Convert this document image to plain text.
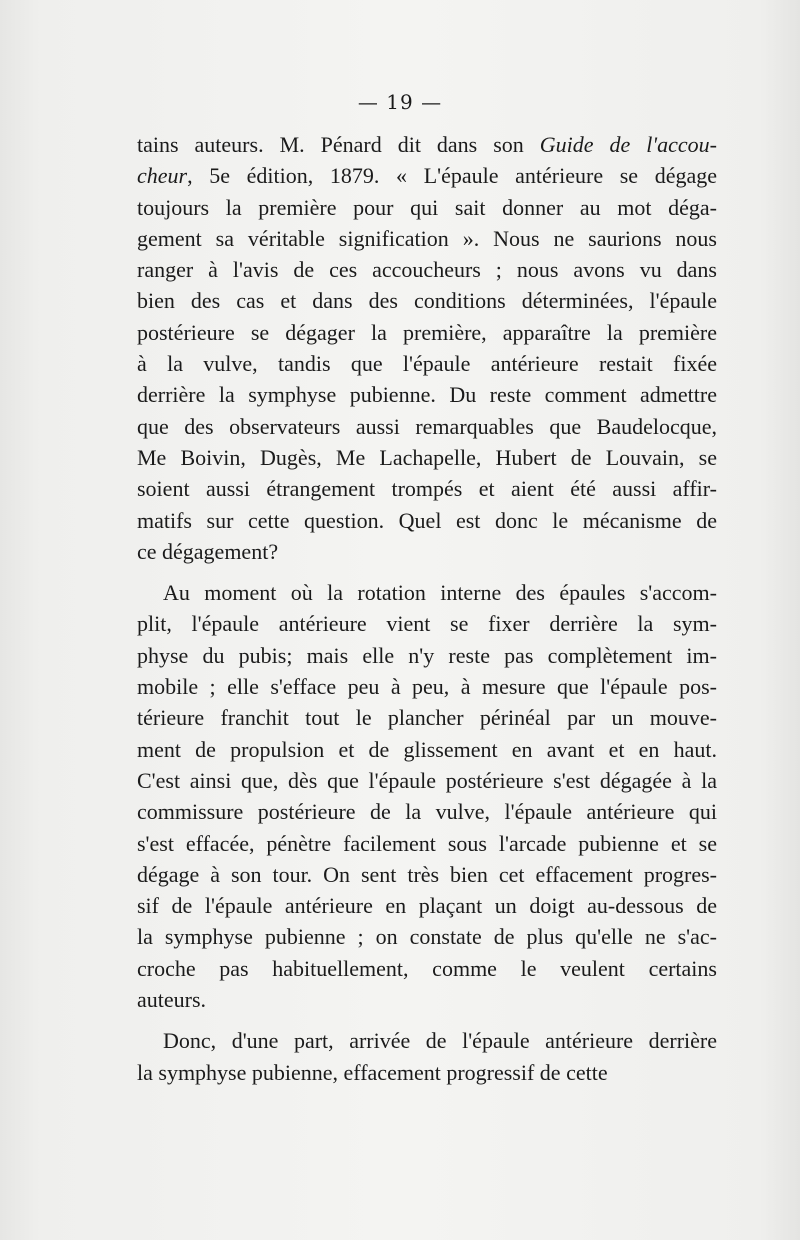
— 19 —
tains auteurs. M. Pénard dit dans son Guide de l'accou-
cheur, 5e édition, 1879. « L'épaule antérieure se dégage
toujours la première pour qui sait donner au mot déga-
gement sa véritable signification ». Nous ne saurions nous
ranger à l'avis de ces accoucheurs ; nous avons vu dans
bien des cas et dans des conditions déterminées, l'épaule
postérieure se dégager la première, apparaître la première
à la vulve, tandis que l'épaule antérieure restait fixée
derrière la symphyse pubienne. Du reste comment admettre
que des observateurs aussi remarquables que Baudelocque,
Me Boivin, Dugès, Me Lachapelle, Hubert de Louvain, se
soient aussi étrangement trompés et aient été aussi affir-
matifs sur cette question. Quel est donc le mécanisme de
ce dégagement?
Au moment où la rotation interne des épaules s'accom-
plit, l'épaule antérieure vient se fixer derrière la sym-
physe du pubis; mais elle n'y reste pas complètement im-
mobile ; elle s'efface peu à peu, à mesure que l'épaule pos-
térieure franchit tout le plancher périnéal par un mouve-
ment de propulsion et de glissement en avant et en haut.
C'est ainsi que, dès que l'épaule postérieure s'est dégagée à la
commissure postérieure de la vulve, l'épaule antérieure qui
s'est effacée, pénètre facilement sous l'arcade pubienne et se
dégage à son tour. On sent très bien cet effacement progres-
sif de l'épaule antérieure en plaçant un doigt au-dessous de
la symphyse pubienne ; on constate de plus qu'elle ne s'ac-
croche pas habituellement, comme le veulent certains
auteurs.
Donc, d'une part, arrivée de l'épaule antérieure derrière
la symphyse pubienne, effacement progressif de cette
